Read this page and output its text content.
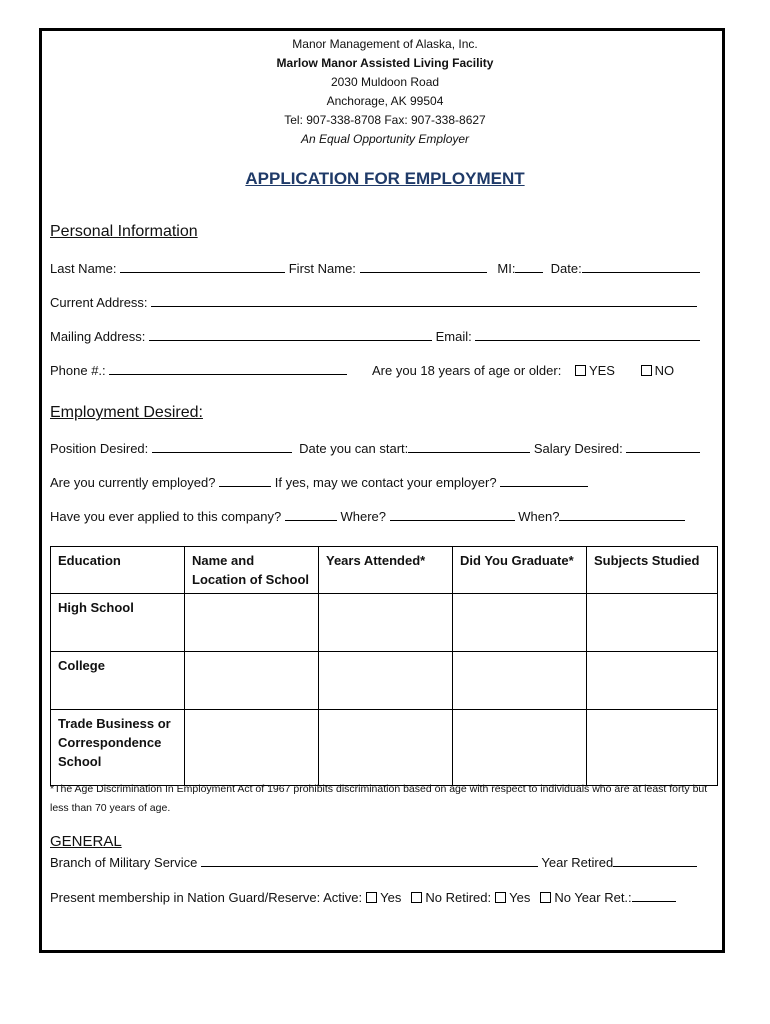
Manor Management of Alaska, Inc.
Marlow Manor Assisted Living Facility
2030 Muldoon Road
Anchorage, AK 99504
Tel: 907-338-8708 Fax: 907-338-8627
An Equal Opportunity Employer
APPLICATION FOR EMPLOYMENT
Personal Information
Last Name:	First Name:	MI:	Date:
Current Address:
Mailing Address:	Email:
Phone #.:	Are you 18 years of age or older: YES	NO
Employment Desired:
Position Desired:	Date you can start:	Salary Desired:
Are you currently employed?	If yes, may we contact your employer?
Have you ever applied to this company?	Where?	When?
Education	Name and Location of School	Years Attended*	Did You Graduate*	Subjects Studied
High School				
College				
Trade Business or Correspondence School				
*The Age Discrimination In Employment Act of 1967 prohibits discrimination based on age with respect to individuals who are at least forty but less than 70 years of age.
GENERAL
Branch of Military Service	Year Retired
Present membership in Nation Guard/Reserve: Active: Yes No Retired: Yes No Year Ret.:
